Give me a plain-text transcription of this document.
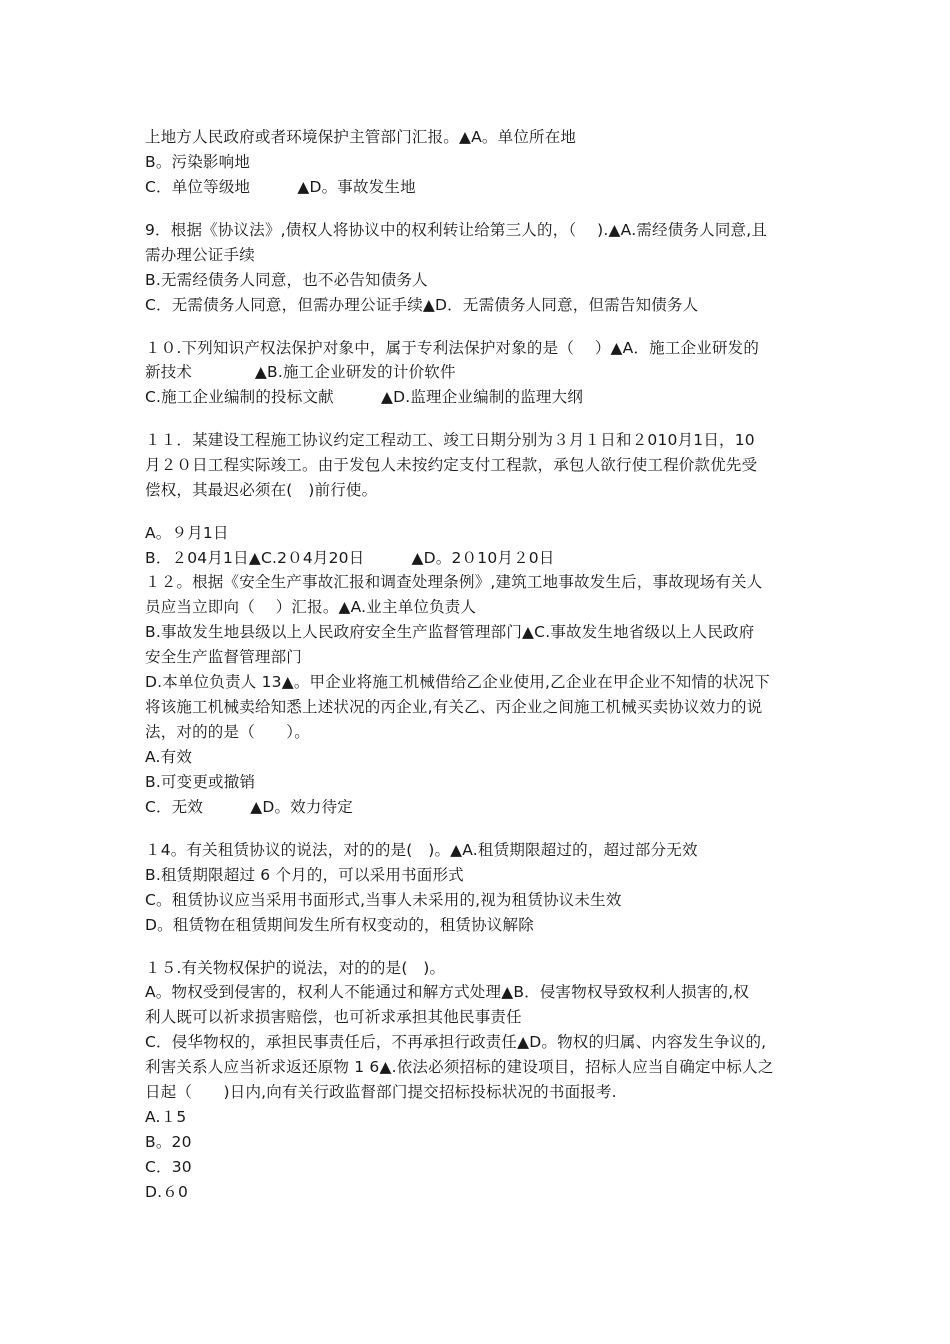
上地方人民政府或者环境保护主管部门汇报。▲A。单位所在地
B。污染影响地
C．单位等级地　　　▲D。事故发生地
9．根据《协议法》,债权人将协议中的权利转让给第三人的，（　 ).▲A.需经债务人同意,且
需办理公证手续
B.无需经债务人同意，也不必告知债务人
C．无需债务人同意，但需办理公证手续▲D．无需债务人同意，但需告知债务人
１０.下列知识产权法保护对象中，属于专利法保护对象的是（　 ）▲A．施工企业研发的
新技术　　　　▲B.施工企业研发的计价软件
C.施工企业编制的投标文献　　　▲D.监理企业编制的监理大纲
１１．某建设工程施工协议约定工程动工、竣工日期分别为３月１日和２010月1日，10
月２０日工程实际竣工。由于发包人未按约定支付工程款，承包人欲行使工程价款优先受
偿权，其最迟必须在(　)前行使。
A。９月1日
B．２04月1日▲C.2０4月20日　　　▲D。2０10月２0日
１２。根据《安全生产事故汇报和调查处理条例》,建筑工地事故发生后，事故现场有关人
员应当立即向（　 ）汇报。▲A.业主单位负责人
B.事故发生地县级以上人民政府安全生产监督管理部门▲C.事故发生地省级以上人民政府
安全生产监督管理部门
D.本单位负责人 13▲。甲企业将施工机械借给乙企业使用,乙企业在甲企业不知情的状况下
将该施工机械卖给知悉上述状况的丙企业,有关乙、丙企业之间施工机械买卖协议效力的说
法，对的的是（　　）。
A.有效
B.可变更或撤销
C．无效　　　▲D。效力待定
１4。有关租赁协议的说法，对的的是(　)。▲A.租赁期限超过的，超过部分无效
B.租赁期限超过 6 个月的，可以采用书面形式
C。租赁协议应当采用书面形式,当事人未采用的,视为租赁协议未生效
D。租赁物在租赁期间发生所有权变动的，租赁协议解除
１５.有关物权保护的说法，对的的是(　)。
A。物权受到侵害的，权利人不能通过和解方式处理▲B．侵害物权导致权利人损害的,权
利人既可以祈求损害赔偿，也可祈求承担其他民事责任
C．侵华物权的，承担民事责任后，不再承担行政责任▲D。物权的归属、内容发生争议的,
利害关系人应当祈求返还原物 1 6▲.依法必须招标的建设项目，招标人应当自确定中标人之
日起（　　)日内,向有关行政监督部门提交招标投标状况的书面报考.
A.１5
B。20
C．30
D.６0
